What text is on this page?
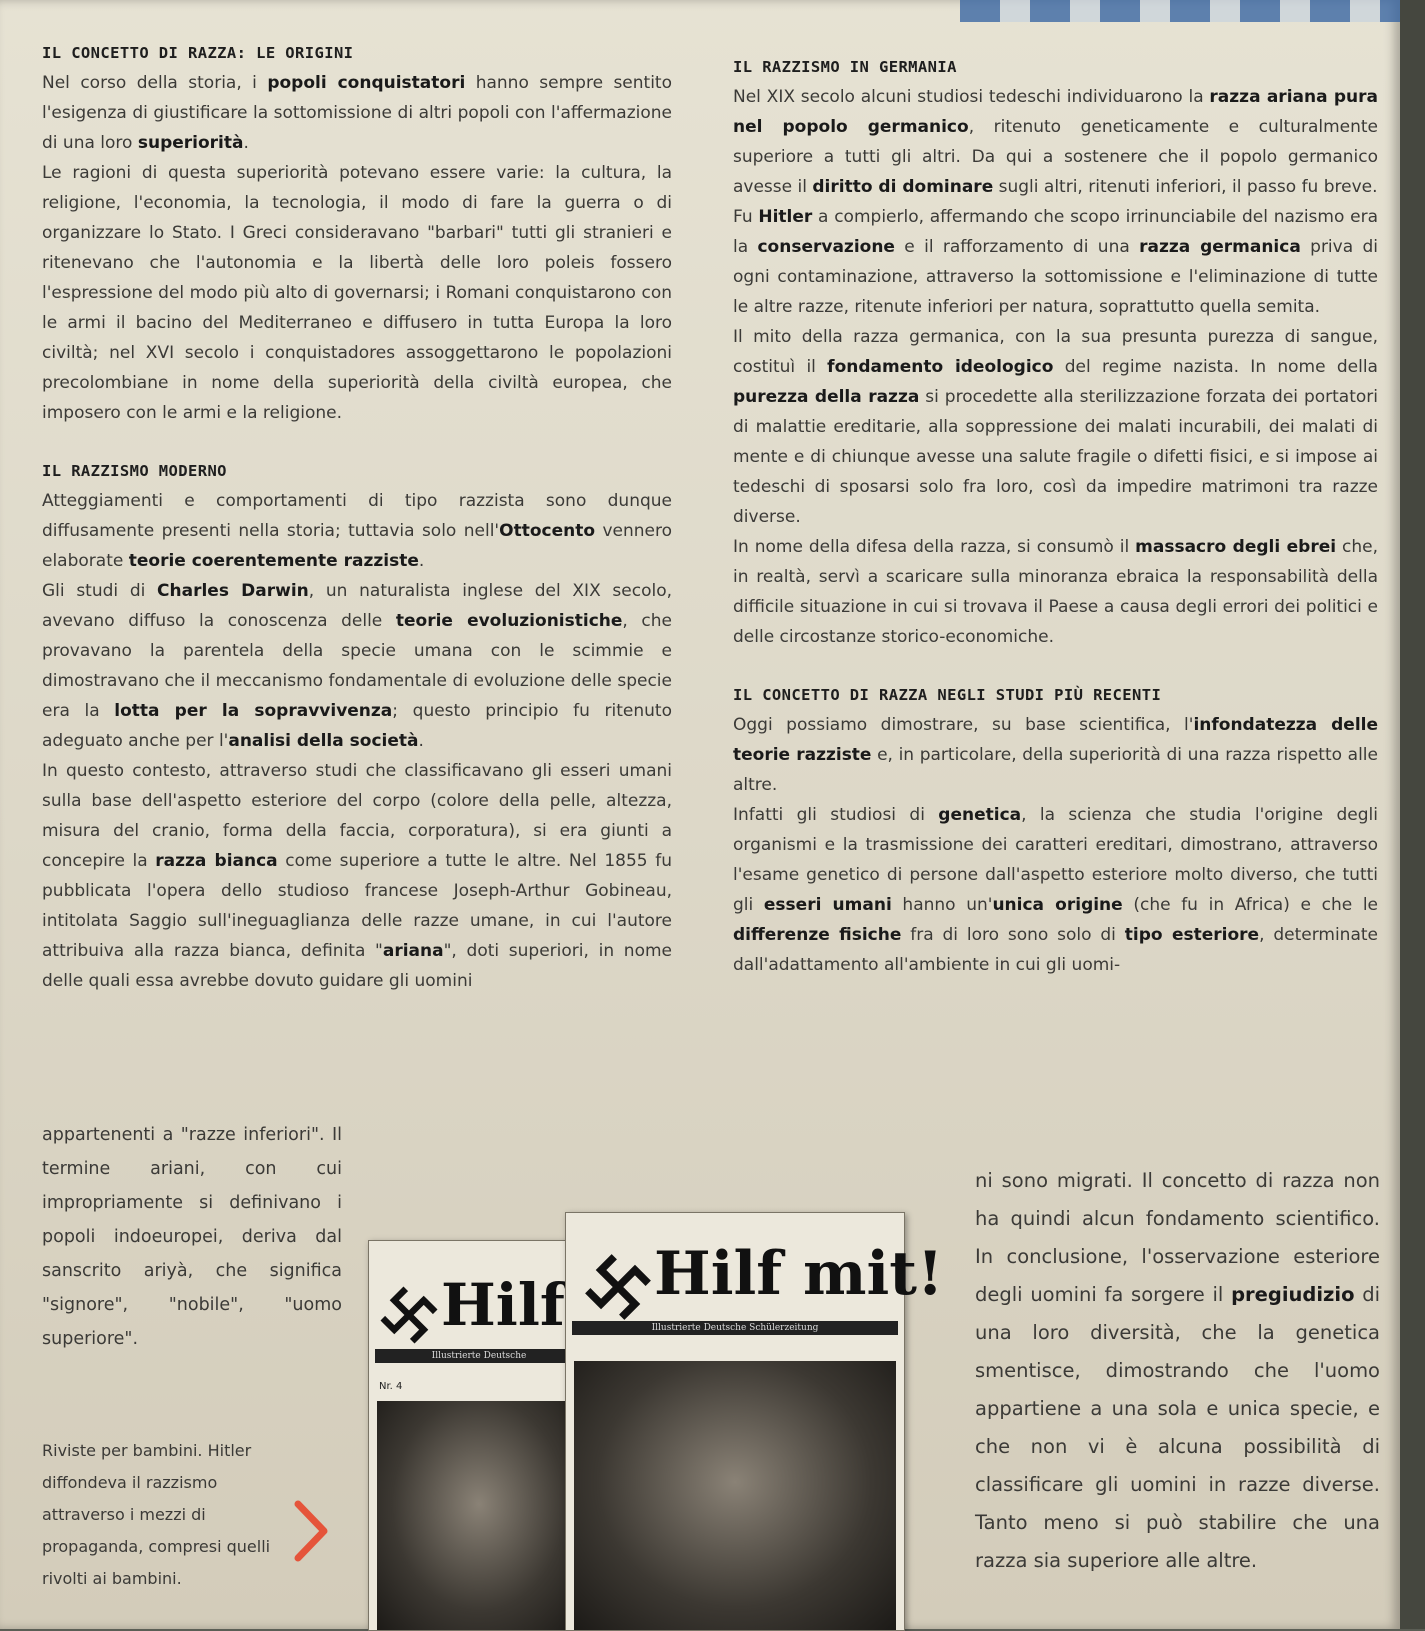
IL CONCETTO DI RAZZA: LE ORIGINI

Nel corso della storia, i popoli conquistatori hanno sempre sentito l'esigenza di giustificare la sottomissione di altri popoli con l'affermazione di una loro superiorità.

Le ragioni di questa superiorità potevano essere varie: la cultura, la religione, l'economia, la tecnologia, il modo di fare la guerra o di organizzare lo Stato. I Greci consideravano "barbari" tutti gli stranieri e ritenevano che l'autonomia e la libertà delle loro poleis fossero l'espressione del modo più alto di governarsi; i Romani conquistarono con le armi il bacino del Mediterraneo e diffusero in tutta Europa la loro civiltà; nel XVI secolo i conquistadores assoggettarono le popolazioni precolombiane in nome della superiorità della civiltà europea, che imposero con le armi e la religione.

IL RAZZISMO MODERNO

Atteggiamenti e comportamenti di tipo razzista sono dunque diffusamente presenti nella storia; tuttavia solo nell'Ottocento vennero elaborate teorie coerentemente razziste.

Gli studi di Charles Darwin, un naturalista inglese del XIX secolo, avevano diffuso la conoscenza delle teorie evoluzionistiche, che provavano la parentela della specie umana con le scimmie e dimostravano che il meccanismo fondamentale di evoluzione delle specie era la lotta per la sopravvivenza; questo principio fu ritenuto adeguato anche per l'analisi della società.

In questo contesto, attraverso studi che classificavano gli esseri umani sulla base dell'aspetto esteriore del corpo (colore della pelle, altezza, misura del cranio, forma della faccia, corporatura), si era giunti a concepire la razza bianca come superiore a tutte le altre. Nel 1855 fu pubblicata l'opera dello studioso francese Joseph-Arthur Gobineau, intitolata Saggio sull'ineguaglianza delle razze umane, in cui l'autore attribuiva alla razza bianca, definita "ariana", doti superiori, in nome delle quali essa avrebbe dovuto guidare gli uomini

appartenenti a "razze inferiori". Il termine ariani, con cui impropriamente si definivano i popoli indoeuropei, deriva dal sanscrito ariyà, che significa "signore", "nobile", "uomo superiore".

Riviste per bambini. Hitler diffondeva il razzismo attraverso i mezzi di propaganda, compresi quelli rivolti ai bambini.
Hilf
Illustrierte Deutsche
Nr. 4
Hilf mit!
Illustrierte Deutsche Schülerzeitung
IL RAZZISMO IN GERMANIA

Nel XIX secolo alcuni studiosi tedeschi individuarono la razza ariana pura nel popolo germanico, ritenuto geneticamente e culturalmente superiore a tutti gli altri. Da qui a sostenere che il popolo germanico avesse il diritto di dominare sugli altri, ritenuti inferiori, il passo fu breve.

Fu Hitler a compierlo, affermando che scopo irrinunciabile del nazismo era la conservazione e il rafforzamento di una razza germanica priva di ogni contaminazione, attraverso la sottomissione e l'eliminazione di tutte le altre razze, ritenute inferiori per natura, soprattutto quella semita.

Il mito della razza germanica, con la sua presunta purezza di sangue, costituì il fondamento ideologico del regime nazista. In nome della purezza della razza si procedette alla sterilizzazione forzata dei portatori di malattie ereditarie, alla soppressione dei malati incurabili, dei malati di mente e di chiunque avesse una salute fragile o difetti fisici, e si impose ai tedeschi di sposarsi solo fra loro, così da impedire matrimoni tra razze diverse.

In nome della difesa della razza, si consumò il massacro degli ebrei che, in realtà, servì a scaricare sulla minoranza ebraica la responsabilità della difficile situazione in cui si trovava il Paese a causa degli errori dei politici e delle circostanze storico-economiche.

IL CONCETTO DI RAZZA NEGLI STUDI PIÙ RECENTI

Oggi possiamo dimostrare, su base scientifica, l'infondatezza delle teorie razziste e, in particolare, della superiorità di una razza rispetto alle altre.

Infatti gli studiosi di genetica, la scienza che studia l'origine degli organismi e la trasmissione dei caratteri ereditari, dimostrano, attraverso l'esame genetico di persone dall'aspetto esteriore molto diverso, che tutti gli esseri umani hanno un'unica origine (che fu in Africa) e che le differenze fisiche fra di loro sono solo di tipo esteriore, determinate dall'adattamento all'ambiente in cui gli uomi-

ni sono migrati. Il concetto di razza non ha quindi alcun fondamento scientifico. In conclusione, l'osservazione esteriore degli uomini fa sorgere il pregiudizio di una loro diversità, che la genetica smentisce, dimostrando che l'uomo appartiene a una sola e unica specie, e che non vi è alcuna possibilità di classificare gli uomini in razze diverse. Tanto meno si può stabilire che una razza sia superiore alle altre.
